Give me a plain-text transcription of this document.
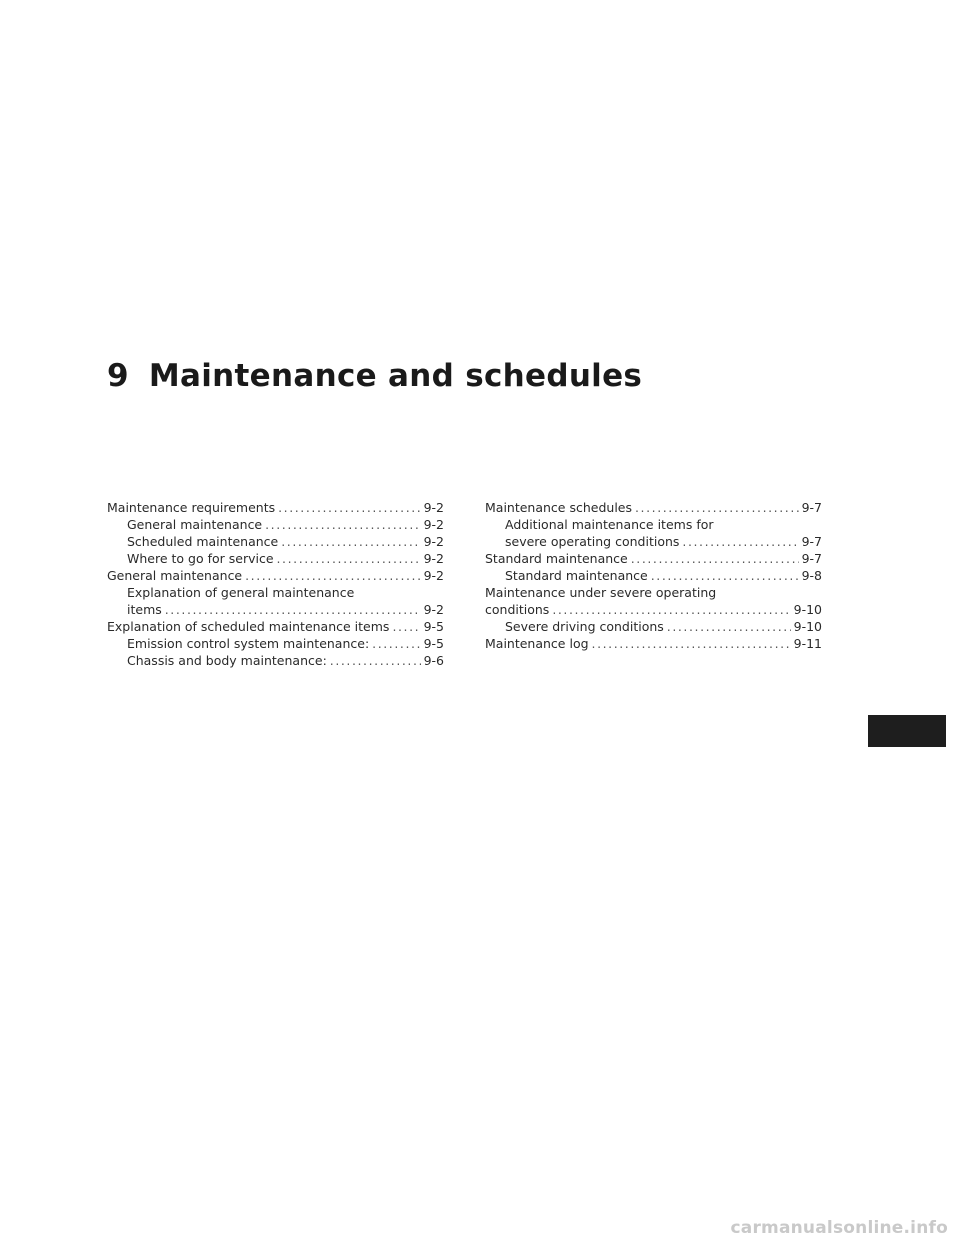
9 Maintenance and schedules
Maintenance requirements . . .	9-2
General maintenance . . .	9-2
Scheduled maintenance . . .	9-2
Where to go for service . . .	9-2
General maintenance . . .	9-2
Explanation of general maintenance
items . . .	9-2
Explanation of scheduled maintenance items . . .	9-5
Emission control system maintenance: . . .	9-5
Chassis and body maintenance: . . .	9-6
Maintenance schedules . . .	9-7
Additional maintenance items for
severe operating conditions . . .	9-7
Standard maintenance . . .	9-7
Standard maintenance . . .	9-8
Maintenance under severe operating
conditions . . .	9-10
Severe driving conditions . . .	9-10
Maintenance log . . .	9-11
carmanualsonline.info
